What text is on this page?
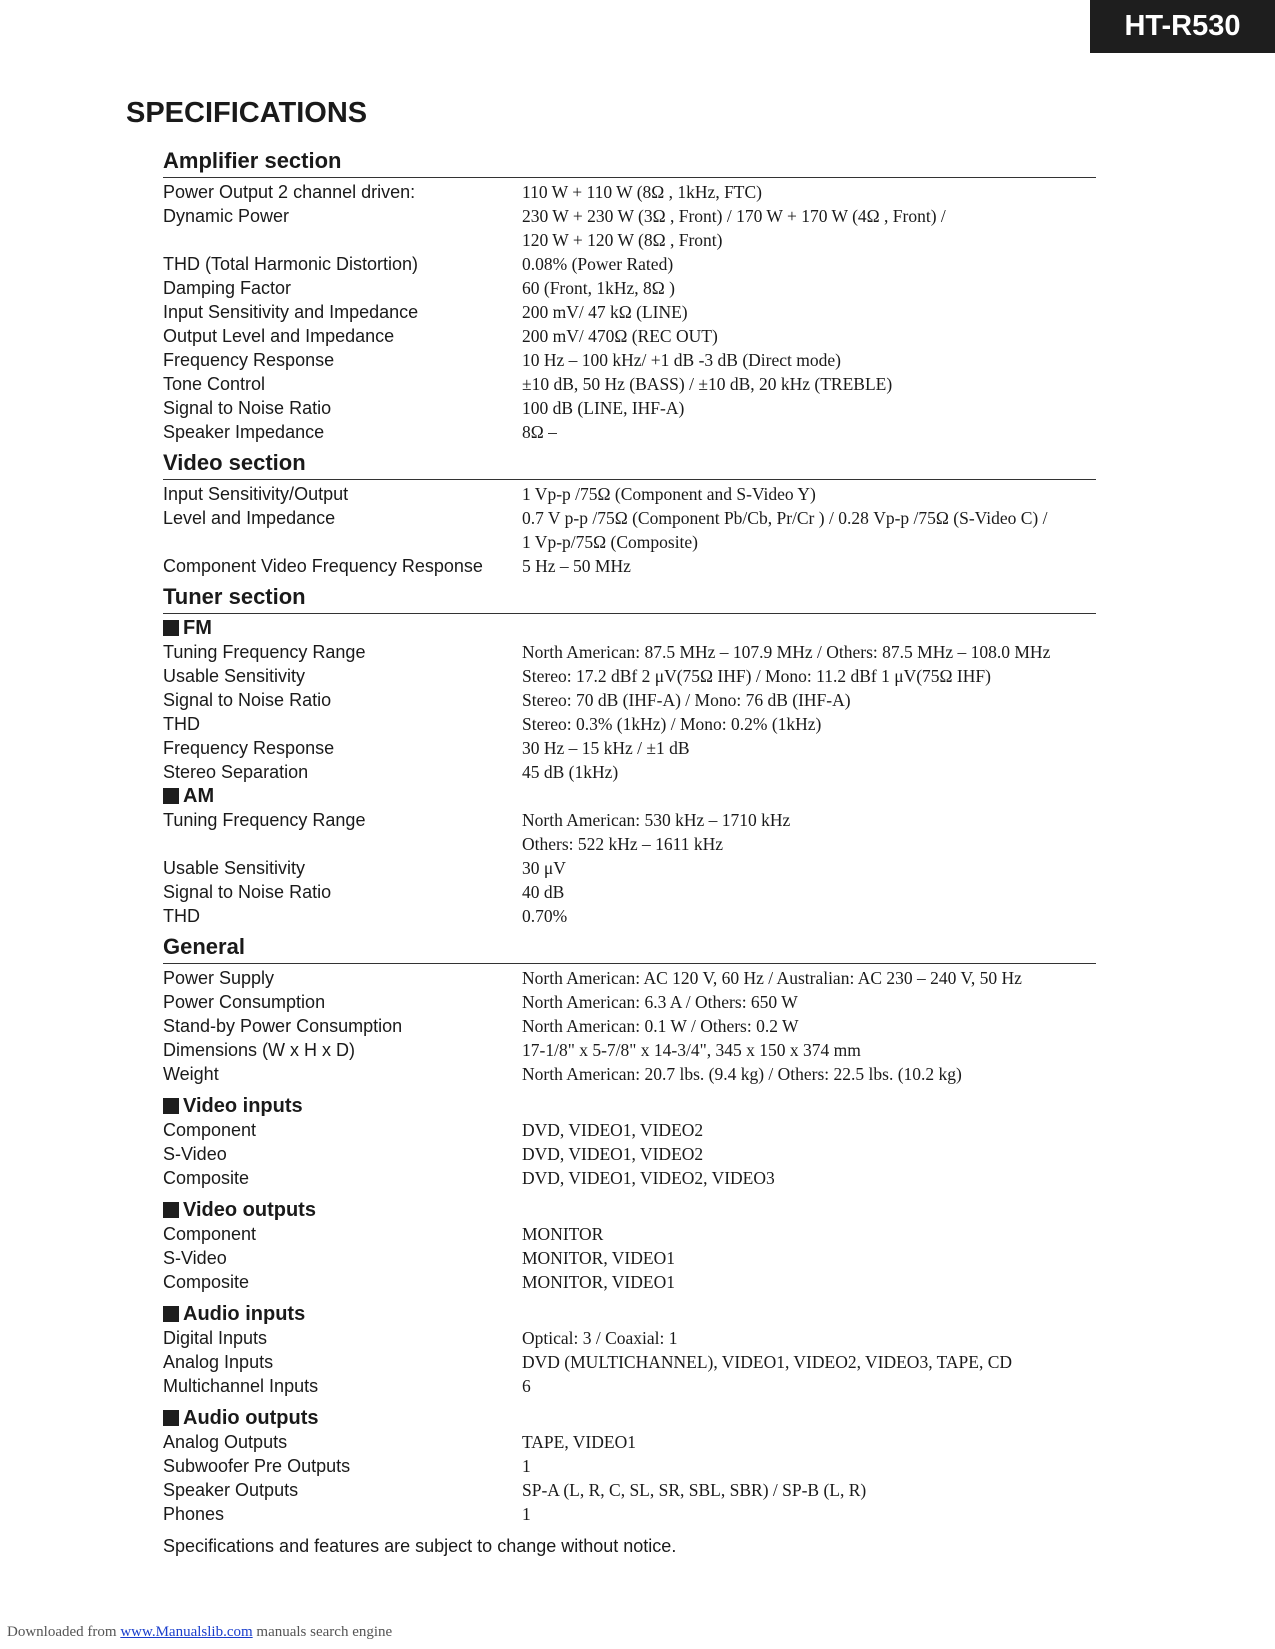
HT-R530
SPECIFICATIONS
Amplifier section
Power Output 2 channel driven:	110 W + 110 W (8Ω , 1kHz, FTC)
Dynamic Power	230 W + 230 W (3Ω , Front) / 170 W + 170 W (4Ω , Front) /
120 W + 120 W (8Ω , Front)
THD (Total Harmonic Distortion)	0.08% (Power Rated)
Damping Factor	60 (Front, 1kHz, 8Ω )
Input Sensitivity and Impedance	200 mV/ 47 kΩ (LINE)
Output Level and Impedance	200 mV/ 470Ω (REC OUT)
Frequency Response	10 Hz – 100 kHz/ +1 dB -3 dB (Direct mode)
Tone Control	±10 dB, 50 Hz (BASS) / ±10 dB, 20 kHz (TREBLE)
Signal to Noise Ratio	100 dB (LINE, IHF-A)
Speaker Impedance	8Ω –
Video section
Input Sensitivity/Output	1 Vp-p /75Ω (Component and S-Video Y)
Level and Impedance	0.7 V p-p /75Ω (Component Pb/Cb, Pr/Cr ) / 0.28 Vp-p /75Ω (S-Video C) /
1 Vp-p/75Ω (Composite)
Component Video Frequency Response	5 Hz – 50 MHz
Tuner section
FM
Tuning Frequency Range	North American: 87.5 MHz – 107.9 MHz / Others: 87.5 MHz – 108.0 MHz
Usable Sensitivity	Stereo: 17.2 dBf 2 μV(75Ω IHF) / Mono: 11.2 dBf 1 μV(75Ω IHF)
Signal to Noise Ratio	Stereo: 70 dB (IHF-A) / Mono: 76 dB (IHF-A)
THD	Stereo: 0.3% (1kHz) / Mono: 0.2% (1kHz)
Frequency Response	30 Hz – 15 kHz / ±1 dB
Stereo Separation	45 dB (1kHz)
AM
Tuning Frequency Range	North American: 530 kHz – 1710 kHz
Others: 522 kHz – 1611 kHz
Usable Sensitivity	30 μV
Signal to Noise Ratio	40 dB
THD	0.70%
General
Power Supply	North American: AC 120 V, 60 Hz / Australian: AC 230 – 240 V, 50 Hz
Power Consumption	North American: 6.3 A / Others: 650 W
Stand-by Power Consumption	North American: 0.1 W / Others: 0.2 W
Dimensions (W x H x D)	17-1/8" x 5-7/8" x 14-3/4", 345 x 150 x 374 mm
Weight	North American: 20.7 lbs. (9.4 kg) / Others: 22.5 lbs. (10.2 kg)
Video inputs
Component	DVD, VIDEO1, VIDEO2
S-Video	DVD, VIDEO1, VIDEO2
Composite	DVD, VIDEO1, VIDEO2, VIDEO3
Video outputs
Component	MONITOR
S-Video	MONITOR, VIDEO1
Composite	MONITOR, VIDEO1
Audio inputs
Digital Inputs	Optical: 3 / Coaxial: 1
Analog Inputs	DVD (MULTICHANNEL), VIDEO1, VIDEO2, VIDEO3, TAPE, CD
Multichannel Inputs	6
Audio outputs
Analog Outputs	TAPE, VIDEO1
Subwoofer Pre Outputs	1
Speaker Outputs	SP-A (L, R, C, SL, SR, SBL, SBR) / SP-B (L, R)
Phones	1
Specifications and features are subject to change without notice.
Downloaded from www.Manualslib.com manuals search engine
